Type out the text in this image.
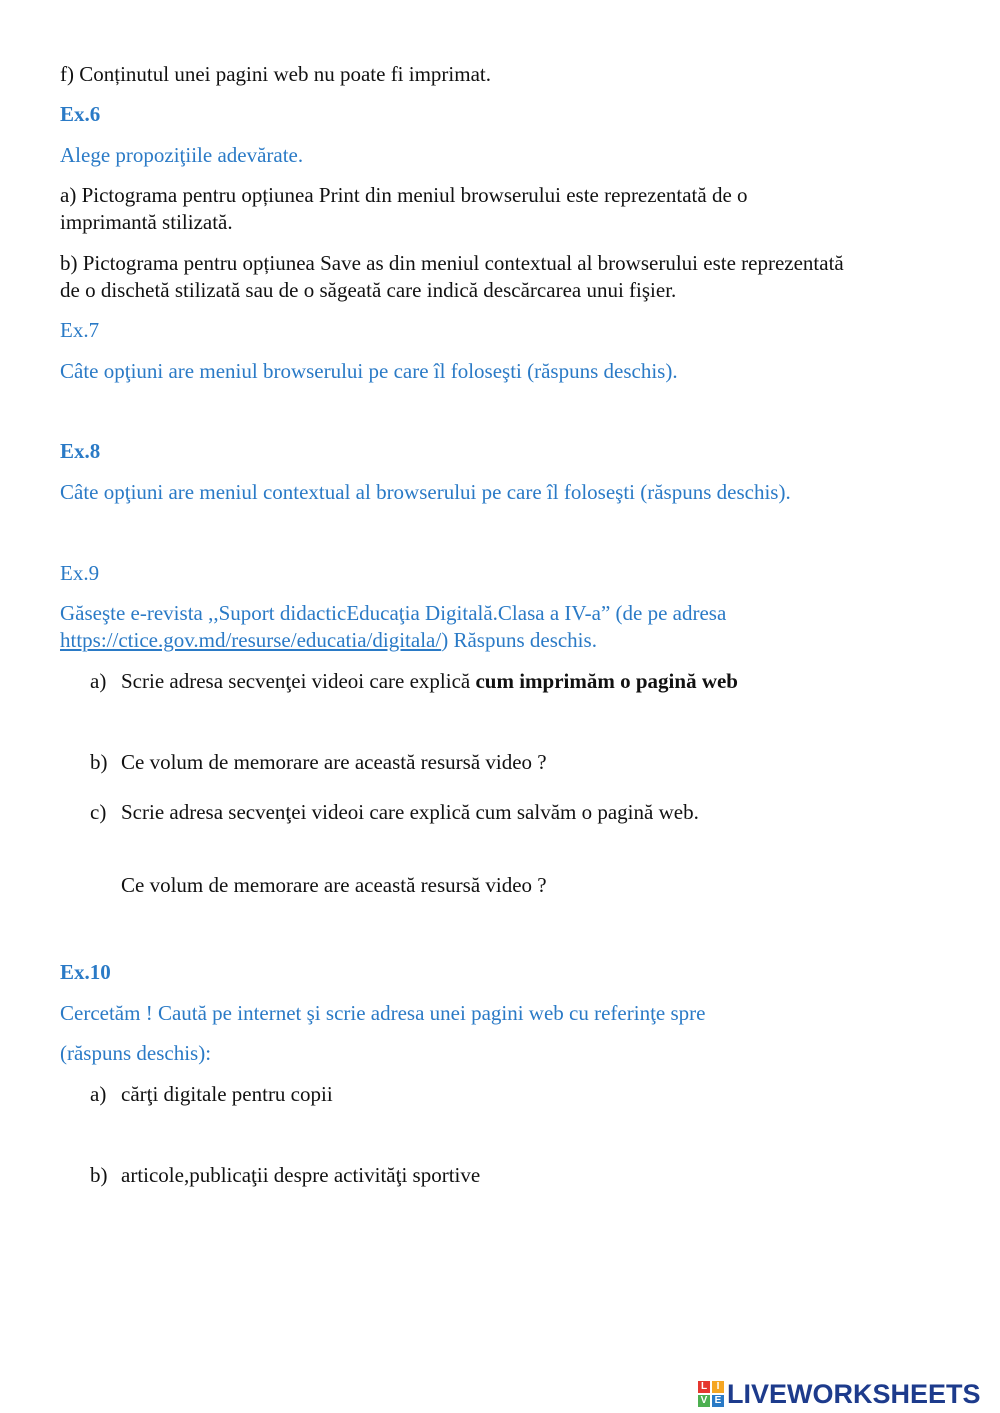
f) Conținutul unei pagini web nu poate fi imprimat.
Ex.6
Alege propoziţiile adevărate.
a) Pictograma pentru opțiunea Print din meniul browserului este reprezentată de o
imprimantă stilizată.
b) Pictograma pentru opțiunea Save as din meniul contextual al browserului este reprezentată
de o dischetă stilizată sau de o săgeată care indică descărcarea unui fişier.
Ex.7
Câte opţiuni are meniul browserului pe care îl foloseşti (răspuns deschis).
Ex.8
Câte opţiuni are meniul contextual al browserului pe care îl foloseşti (răspuns deschis).
Ex.9
Găseşte e-revista ,,Suport didacticEducaţia Digitală.Clasa a IV-a” (de pe adresa
https://ctice.gov.md/resurse/educatia/digitala/) Răspuns deschis.
a) Scrie adresa secvenţei videoi care explică cum imprimăm o pagină web
b) Ce volum de memorare are această resursă video ?
c) Scrie adresa secvenţei videoi care explică cum salvăm o pagină web.
Ce volum de memorare are această resursă video ?
Ex.10
Cercetăm ! Caută pe internet şi scrie adresa unei pagini web cu referinţe spre
(răspuns deschis):
a) cărţi digitale pentru copii
b) articole,publicaţii despre activităţi sportive
L I
V E LIVEWORKSHEETS
